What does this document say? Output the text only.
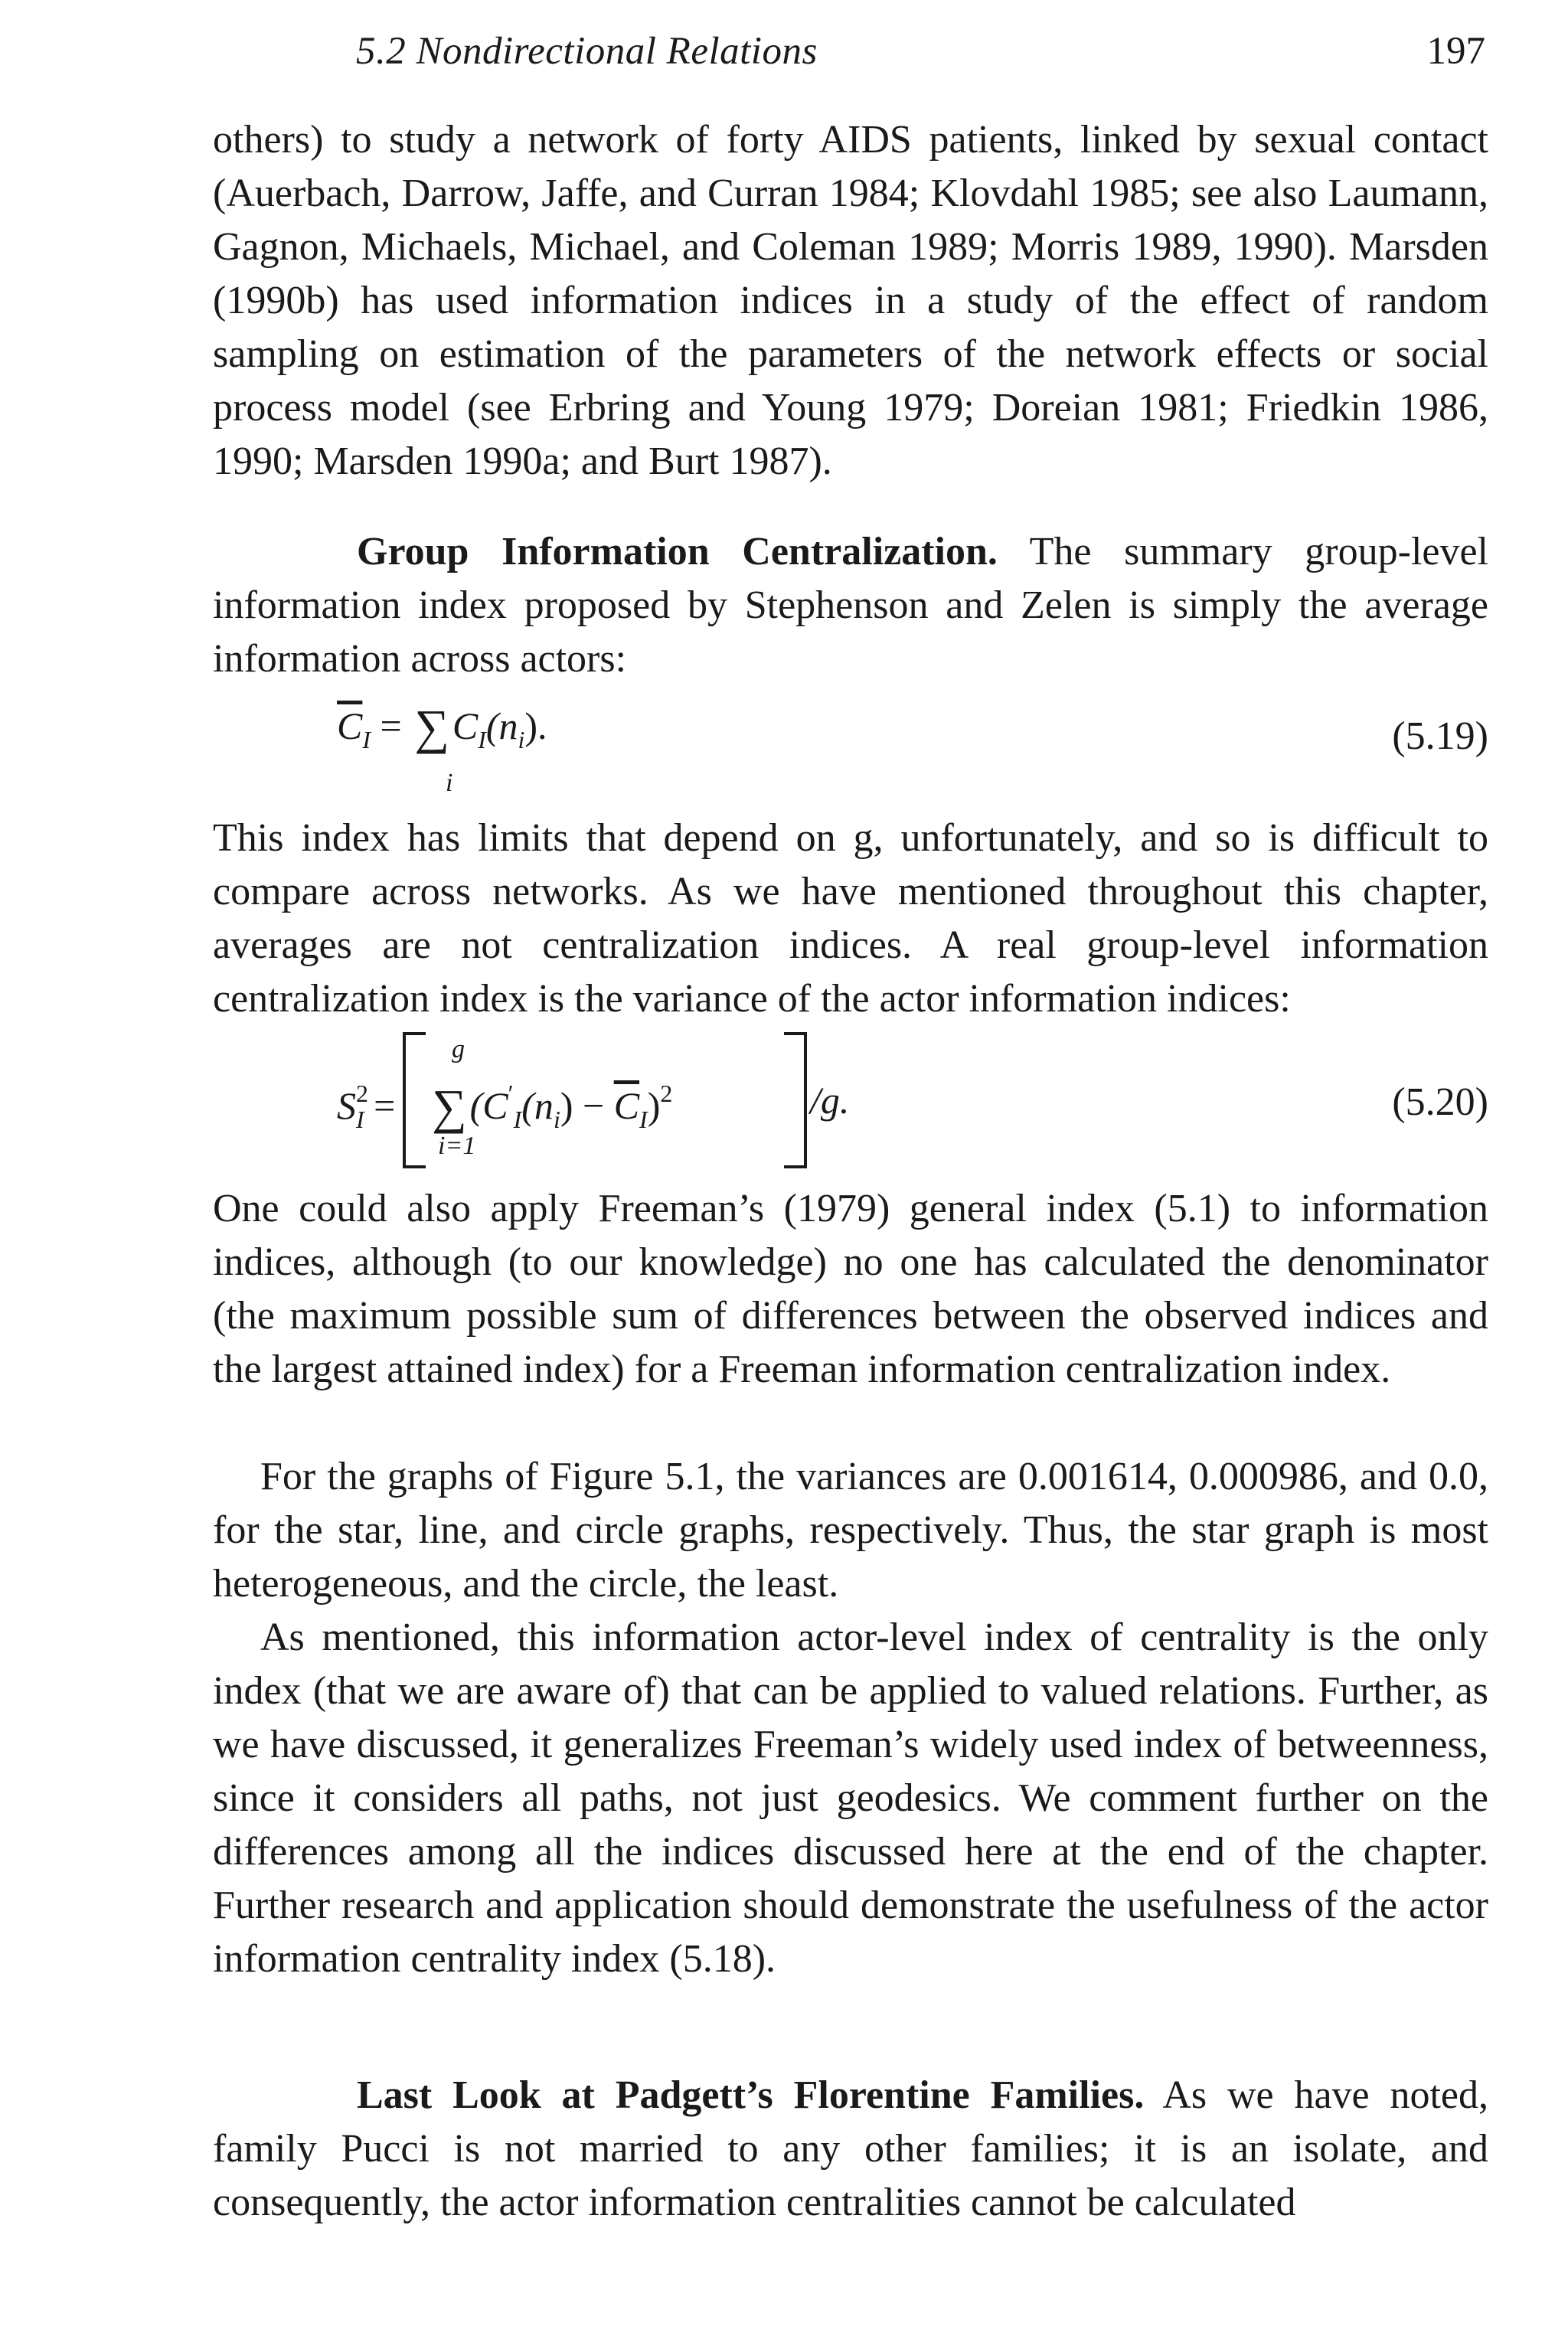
5.2 Nondirectional Relations	197

others) to study a network of forty AIDS patients, linked by sexual contact (Auerbach, Darrow, Jaffe, and Curran 1984; Klovdahl 1985; see also Laumann, Gagnon, Michaels, Michael, and Coleman 1989; Morris 1989, 1990). Marsden (1990b) has used information indices in a study of the effect of random sampling on estimation of the parameters of the network effects or social process model (see Erbring and Young 1979; Doreian 1981; Friedkin 1986, 1990; Marsden 1990a; and Burt 1987).

Group Information Centralization. The summary group-level information index proposed by Stephenson and Zelen is simply the average information across actors:

$\overline{C}_I = \sum C_I(n_i)$.
i
(5.19)

This index has limits that depend on g, unfortunately, and so is difficult to compare across networks. As we have mentioned throughout this chapter, averages are not centralization indices. A real group-level information centralization index is the variance of the actor information indices:

g
i=1
$S^2_I = \sum(C'_I(n_i) - \overline{C}_I)^2$	/g.	(5.20)

One could also apply Freeman’s (1979) general index (5.1) to information indices, although (to our knowledge) no one has calculated the denominator (the maximum possible sum of differences between the observed indices and the largest attained index) for a Freeman information centralization index.

For the graphs of Figure 5.1, the variances are 0.001614, 0.000986, and 0.0, for the star, line, and circle graphs, respectively. Thus, the star graph is most heterogeneous, and the circle, the least.

As mentioned, this information actor-level index of centrality is the only index (that we are aware of) that can be applied to valued relations. Further, as we have discussed, it generalizes Freeman’s widely used index of betweenness, since it considers all paths, not just geodesics. We comment further on the differences among all the indices discussed here at the end of the chapter. Further research and application should demonstrate the usefulness of the actor information centrality index (5.18).

Last Look at Padgett’s Florentine Families. As we have noted, family Pucci is not married to any other families; it is an isolate, and consequently, the actor information centralities cannot be calculated
